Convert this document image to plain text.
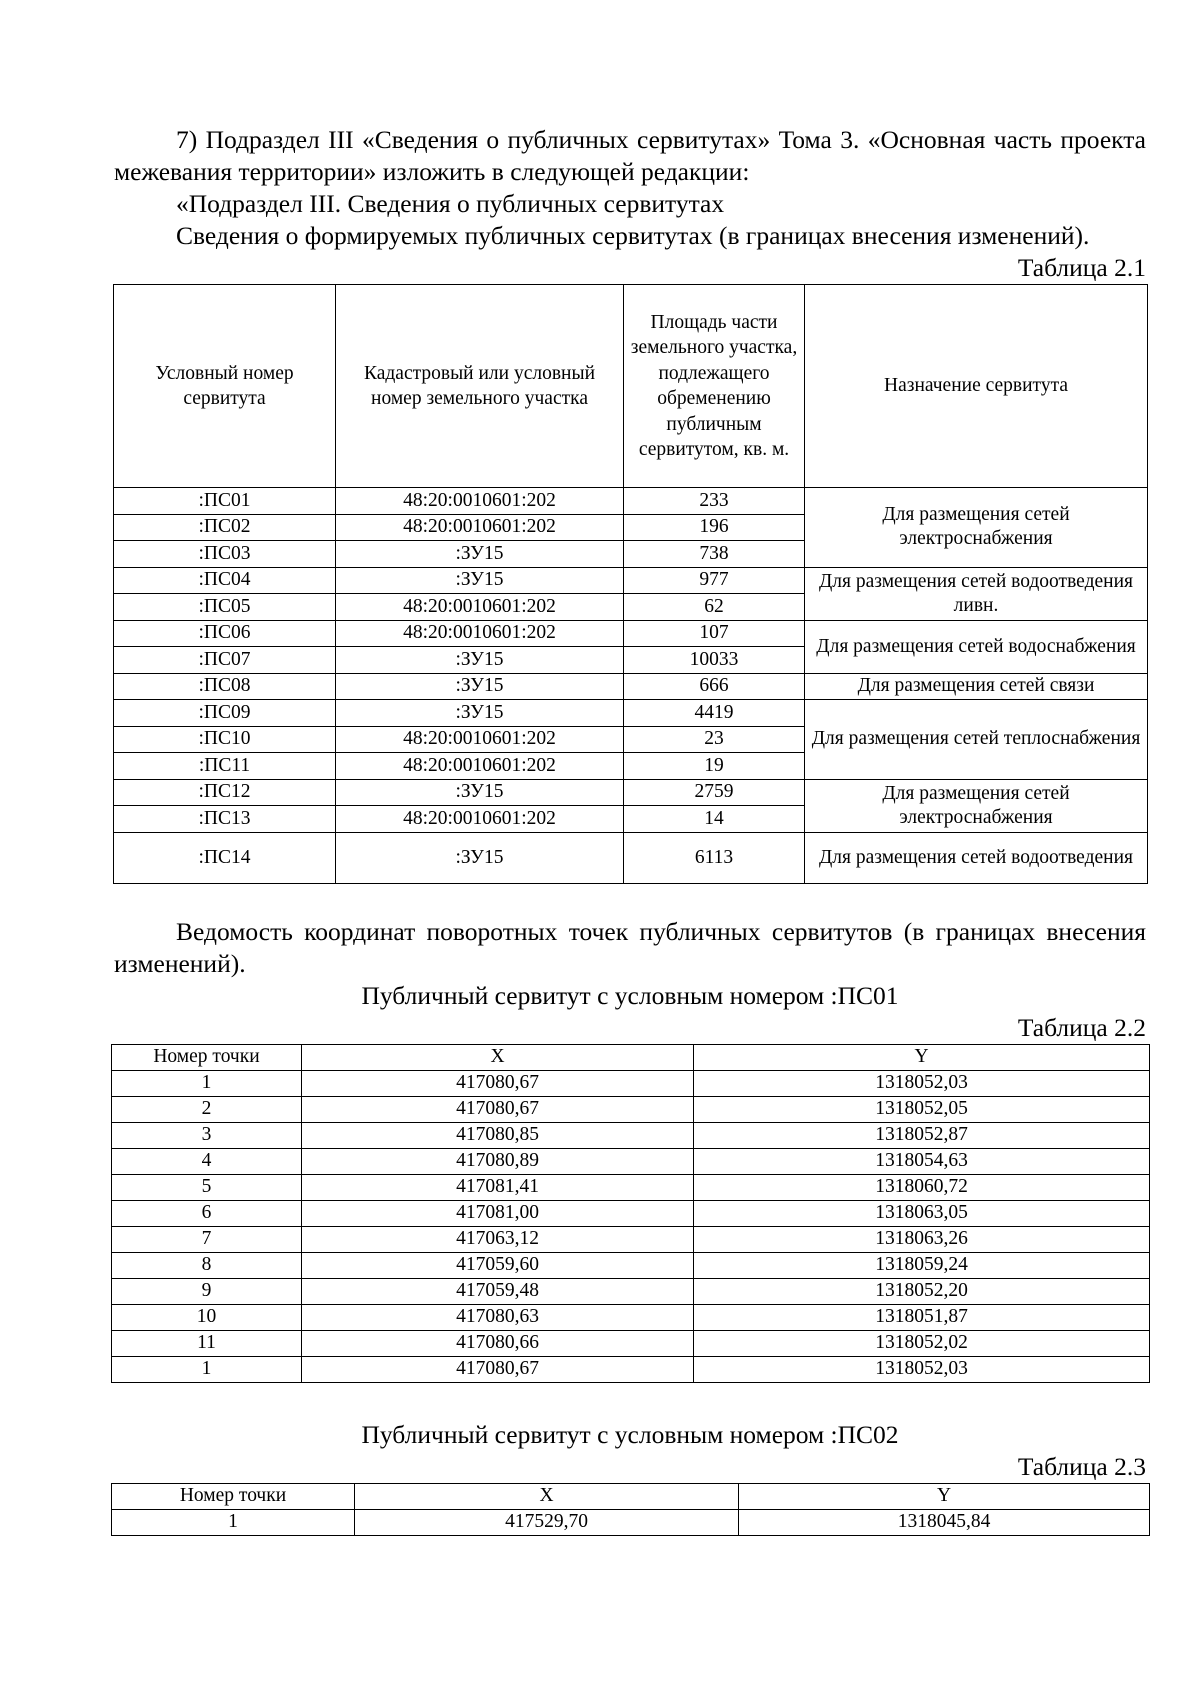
7) Подраздел III «Сведения о публичных сервитутах» Тома 3. «Основная часть проекта межевания территории» изложить в следующей редакции:

«Подраздел III. Сведения о публичных сервитутах

Сведения о формируемых публичных сервитутах (в границах внесения изменений).

Таблица 2.1

Условный номер сервитута	Кадастровый или условный номер земельного участка	Площадь части земельного участка, подлежащего обременению публичным сервитутом, кв. м.	Назначение сервитута
:ПС01	48:20:0010601:202	233	Для размещения сетей электроснабжения
:ПС02	48:20:0010601:202	196	
:ПС03	:ЗУ15	738	
:ПС04	:ЗУ15	977	Для размещения сетей водоотведения ливн.
:ПС05	48:20:0010601:202	62	
:ПС06	48:20:0010601:202	107	Для размещения сетей водоснабжения
:ПС07	:ЗУ15	10033	
:ПС08	:ЗУ15	666	Для размещения сетей связи
:ПС09	:ЗУ15	4419	Для размещения сетей теплоснабжения
:ПС10	48:20:0010601:202	23	
:ПС11	48:20:0010601:202	19	
:ПС12	:ЗУ15	2759	Для размещения сетей электроснабжения
:ПС13	48:20:0010601:202	14	
:ПС14	:ЗУ15	6113	Для размещения сетей водоотведения

Ведомость координат поворотных точек публичных сервитутов (в границах внесения изменений).

Публичный сервитут с условным номером :ПС01

Таблица 2.2

Номер точки	X	Y
1	417080,67	1318052,03
2	417080,67	1318052,05
3	417080,85	1318052,87
4	417080,89	1318054,63
5	417081,41	1318060,72
6	417081,00	1318063,05
7	417063,12	1318063,26
8	417059,60	1318059,24
9	417059,48	1318052,20
10	417080,63	1318051,87
11	417080,66	1318052,02
1	417080,67	1318052,03

Публичный сервитут с условным номером :ПС02

Таблица 2.3

Номер точки	X	Y
1	417529,70	1318045,84
